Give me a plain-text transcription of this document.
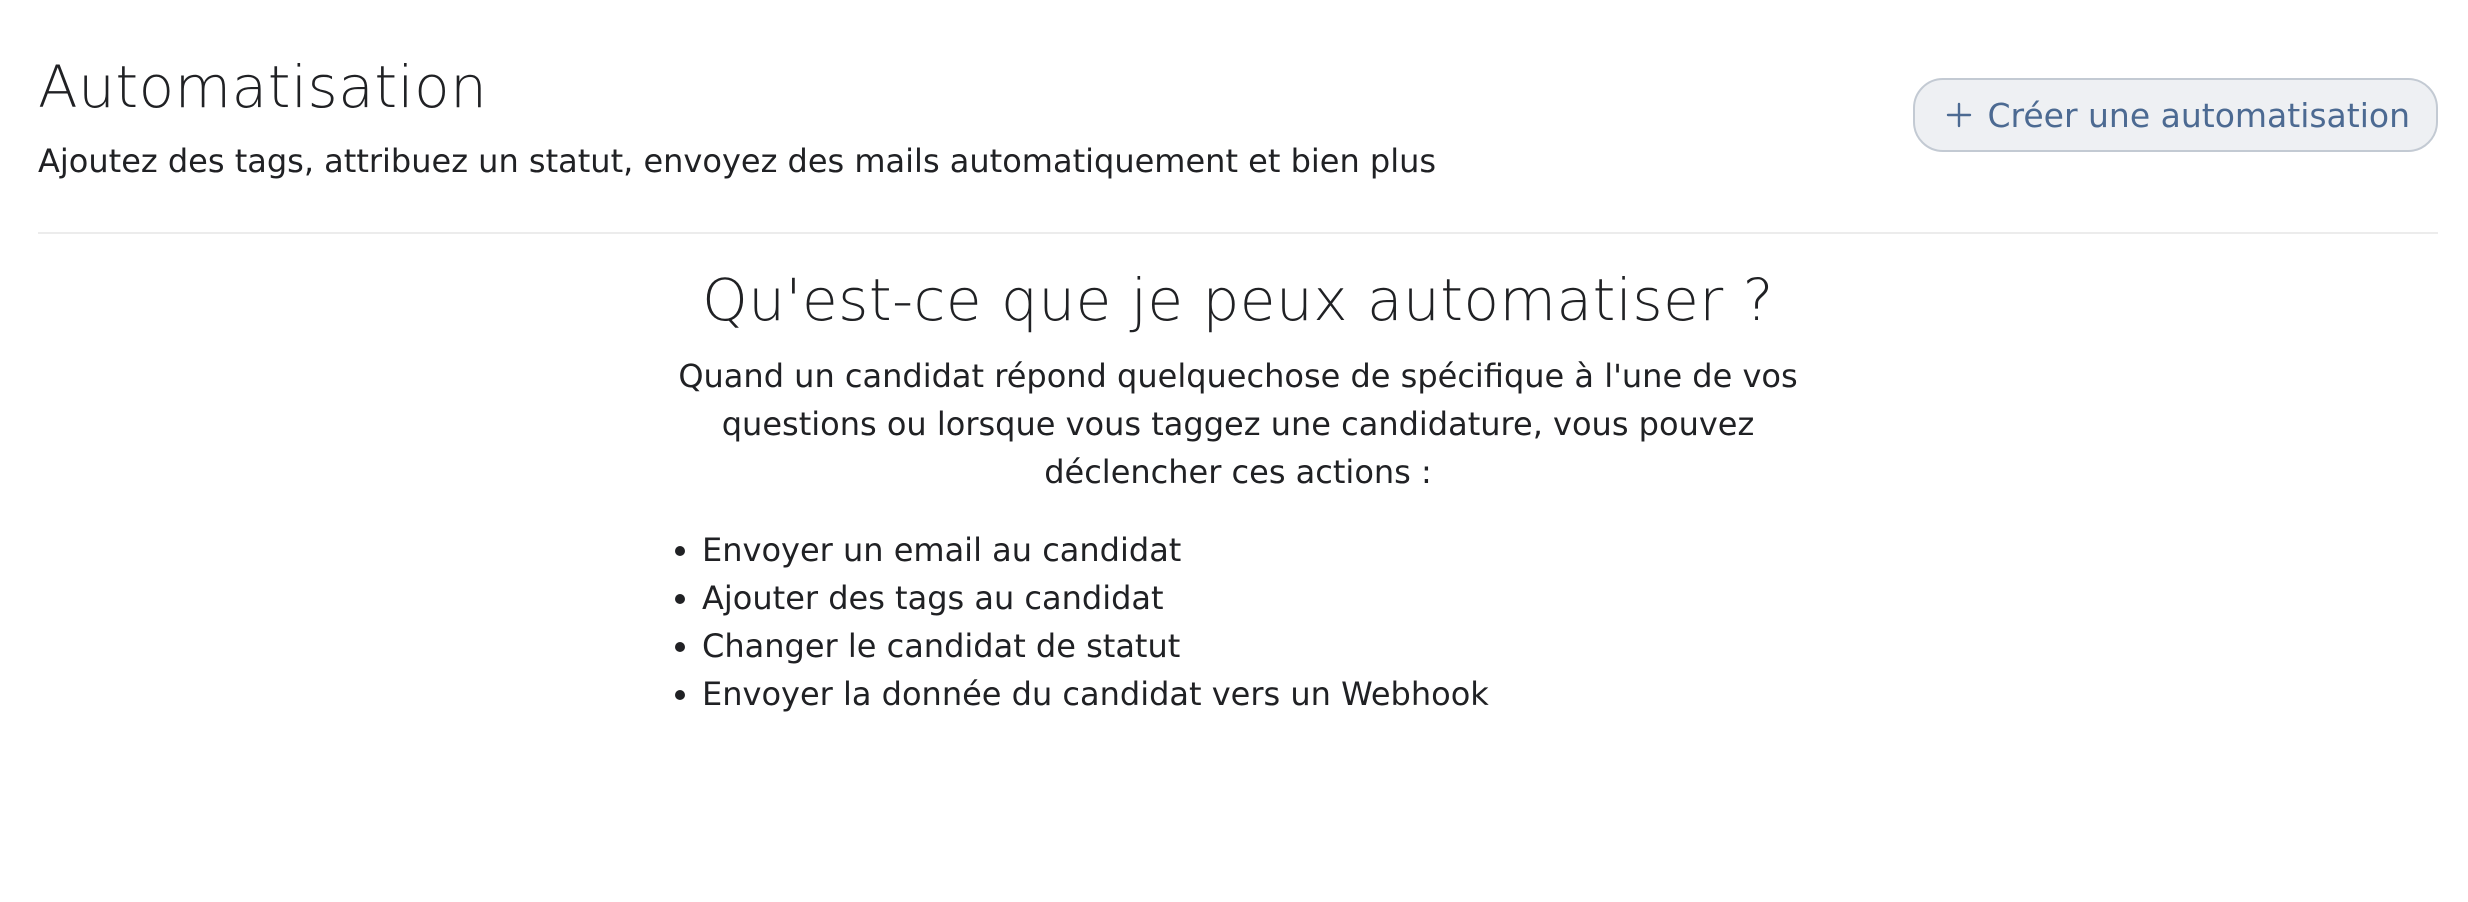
Automatisation

Ajoutez des tags, attribuez un statut, envoyez des mails automatiquement et bien plus

Créer une automatisation
Qu'est-ce que je peux automatiser ?

Quand un candidat répond quelquechose de spécifique à l'une de vos questions ou lorsque vous taggez une candidature, vous pouvez déclencher ces actions :

• Envoyer un email au candidat
• Ajouter des tags au candidat
• Changer le candidat de statut
• Envoyer la donnée du candidat vers un Webhook
